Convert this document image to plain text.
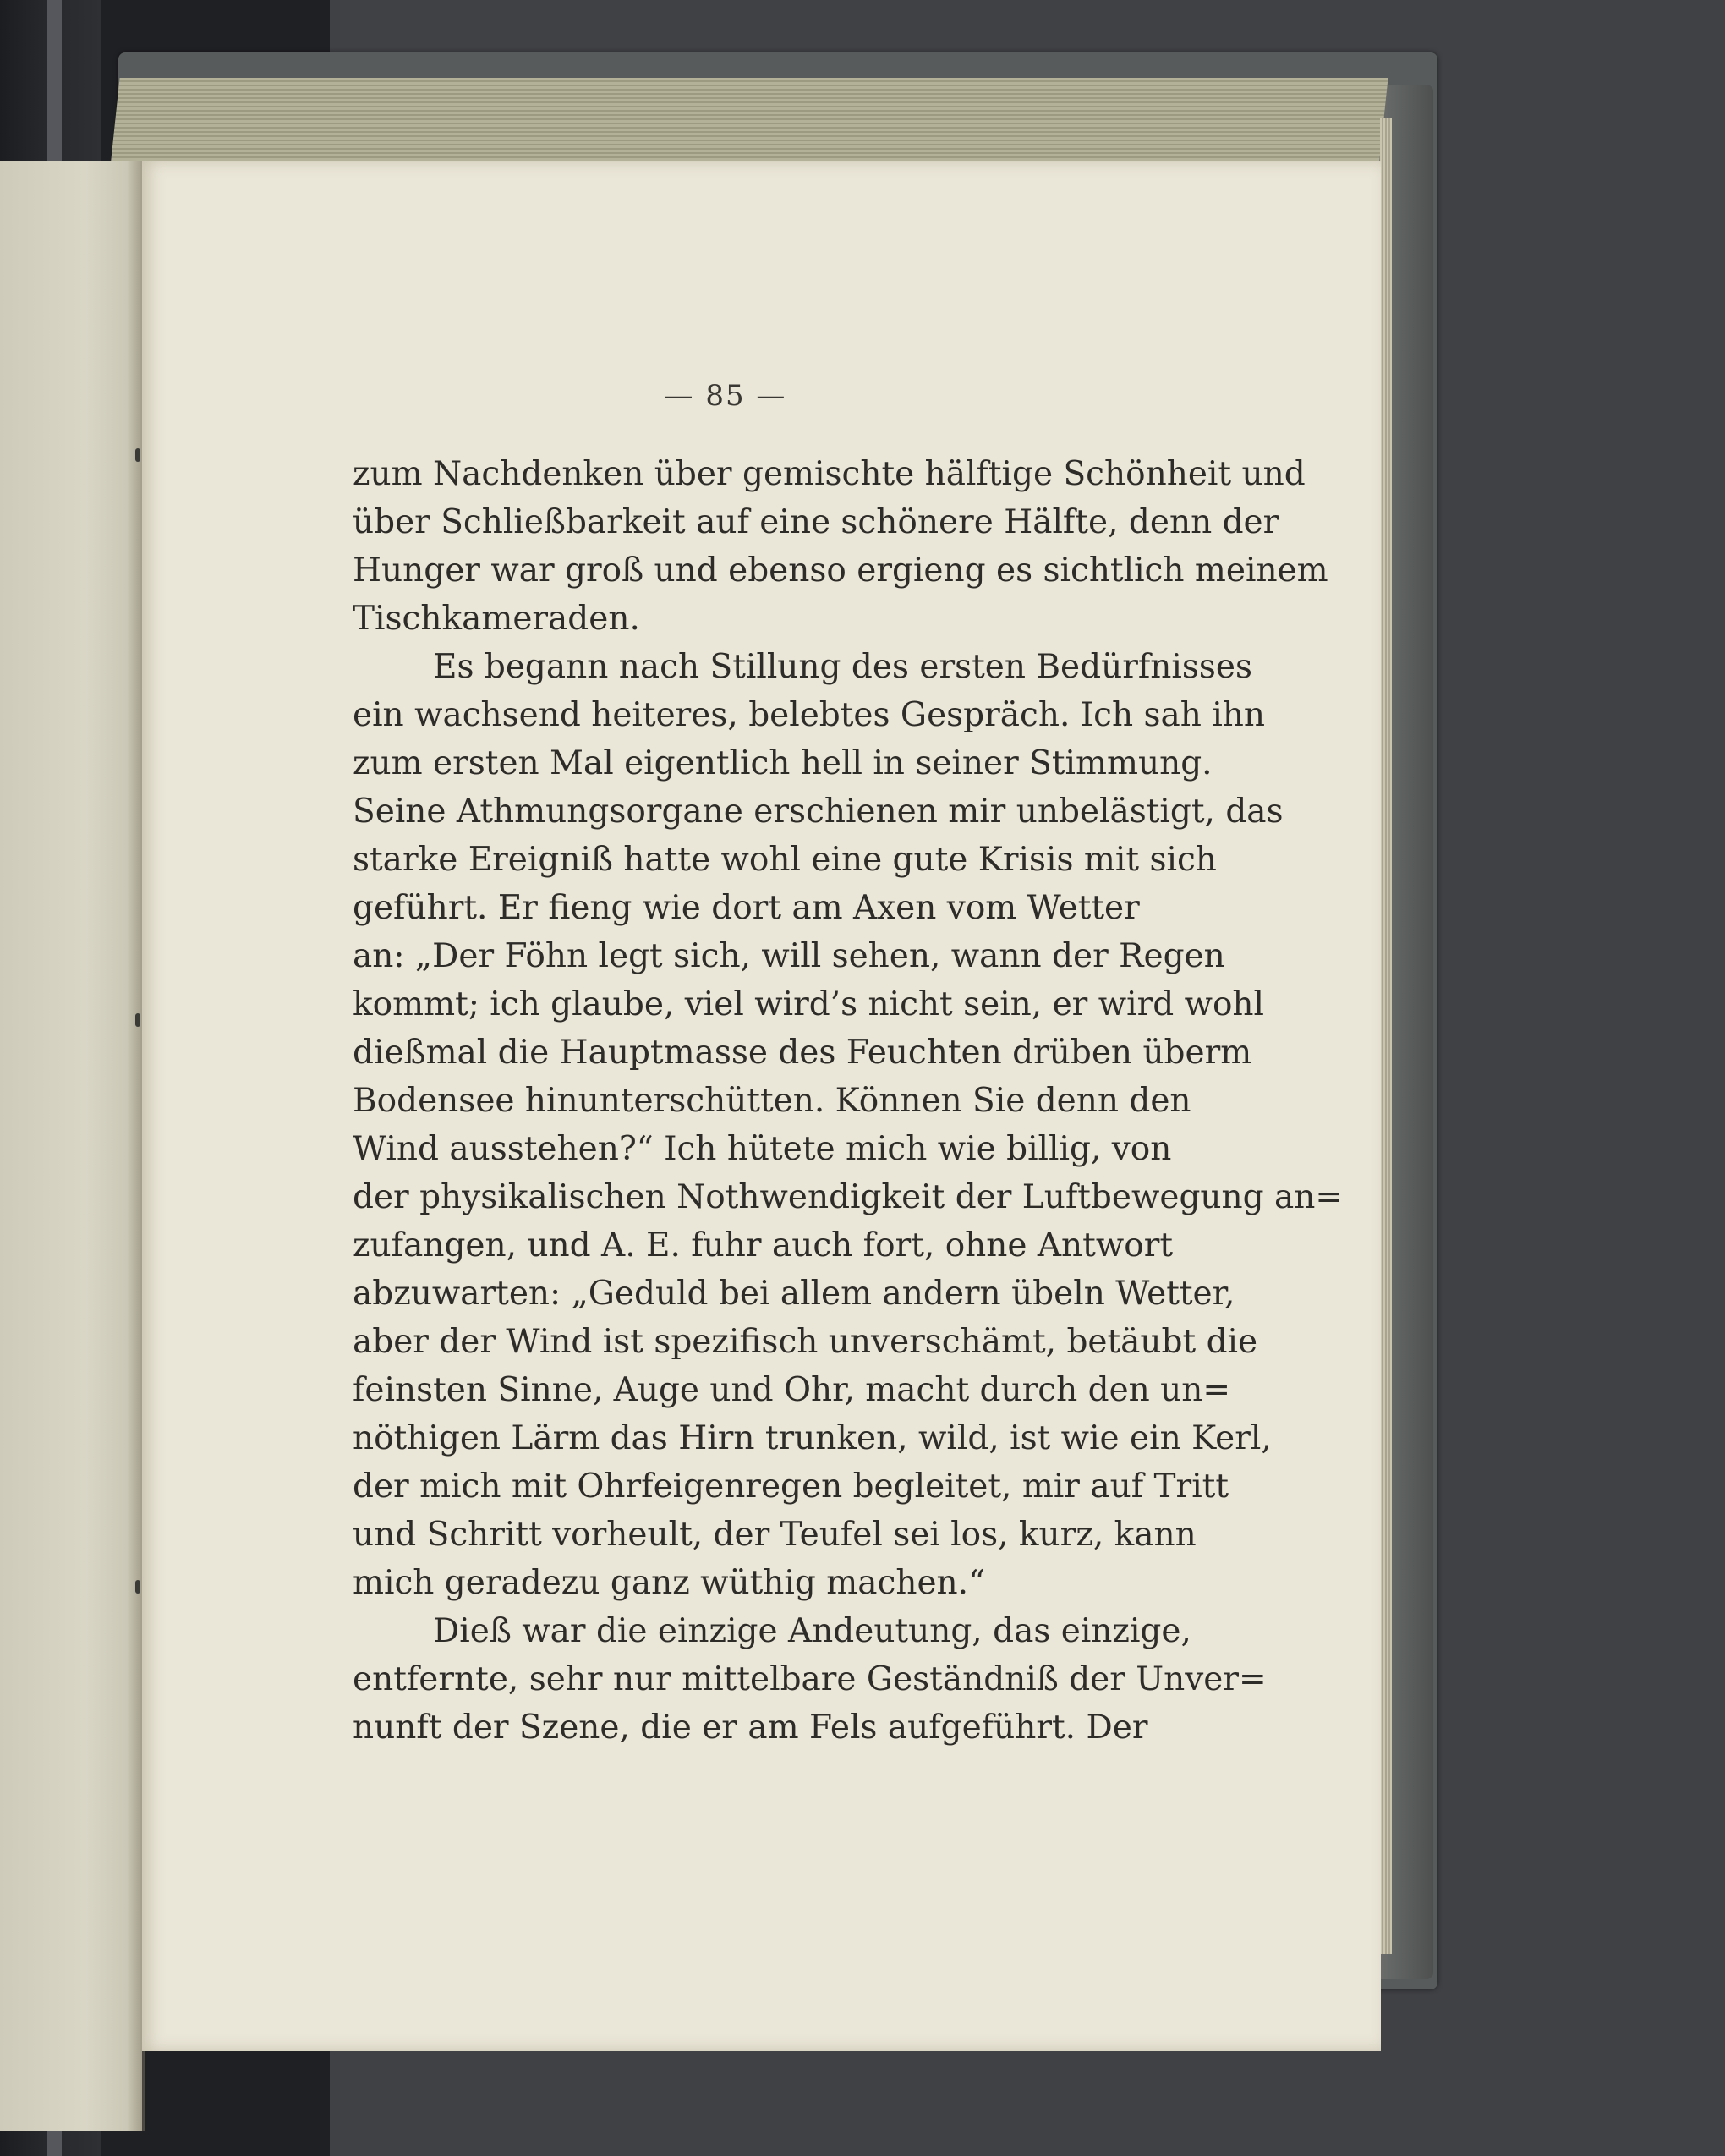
— 85 —
zum Nachdenken über gemischte hälftige Schönheit und
über Schließbarkeit auf eine schönere Hälfte, denn der
Hunger war groß und ebenso ergieng es sichtlich meinem
Tischkameraden.
Es begann nach Stillung des ersten Bedürfnisses
ein wachsend heiteres, belebtes Gespräch. Ich sah ihn
zum ersten Mal eigentlich hell in seiner Stimmung.
Seine Athmungsorgane erschienen mir unbelästigt, das
starke Ereigniß hatte wohl eine gute Krisis mit sich
geführt. Er fieng wie dort am Axen vom Wetter
an: „Der Föhn legt sich, will sehen, wann der Regen
kommt; ich glaube, viel wird’s nicht sein, er wird wohl
dießmal die Hauptmasse des Feuchten drüben überm
Bodensee hinunterschütten. Können Sie denn den
Wind ausstehen?“ Ich hütete mich wie billig, von
der physikalischen Nothwendigkeit der Luftbewegung an=
zufangen, und A. E. fuhr auch fort, ohne Antwort
abzuwarten: „Geduld bei allem andern übeln Wetter,
aber der Wind ist spezifisch unverschämt, betäubt die
feinsten Sinne, Auge und Ohr, macht durch den un=
nöthigen Lärm das Hirn trunken, wild, ist wie ein Kerl,
der mich mit Ohrfeigenregen begleitet, mir auf Tritt
und Schritt vorheult, der Teufel sei los, kurz, kann
mich geradezu ganz wüthig machen.“
Dieß war die einzige Andeutung, das einzige,
entfernte, sehr nur mittelbare Geständniß der Unver=
nunft der Szene, die er am Fels aufgeführt. Der
